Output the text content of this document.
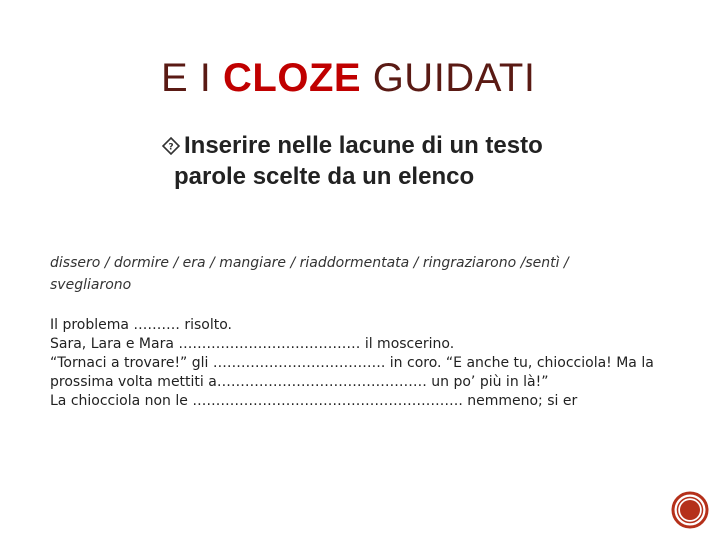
E I CLOZE GUIDATI
? Inserire nelle lacune di un testo
parole scelte da un elenco
dissero / dormire / era / mangiare / riaddormentata / ringraziarono /sentì / svegliarono
Il problema ………. risolto.
Sara, Lara e Mara ………………………………… il moscerino.
“Tornaci a trovare!” gli ………………………………. in coro. “E anche tu, chiocciola! Ma la prossima volta mettiti a……………………………………… un po’ più in là!”
La chiocciola non le …………………………………………………. nemmeno; si er
